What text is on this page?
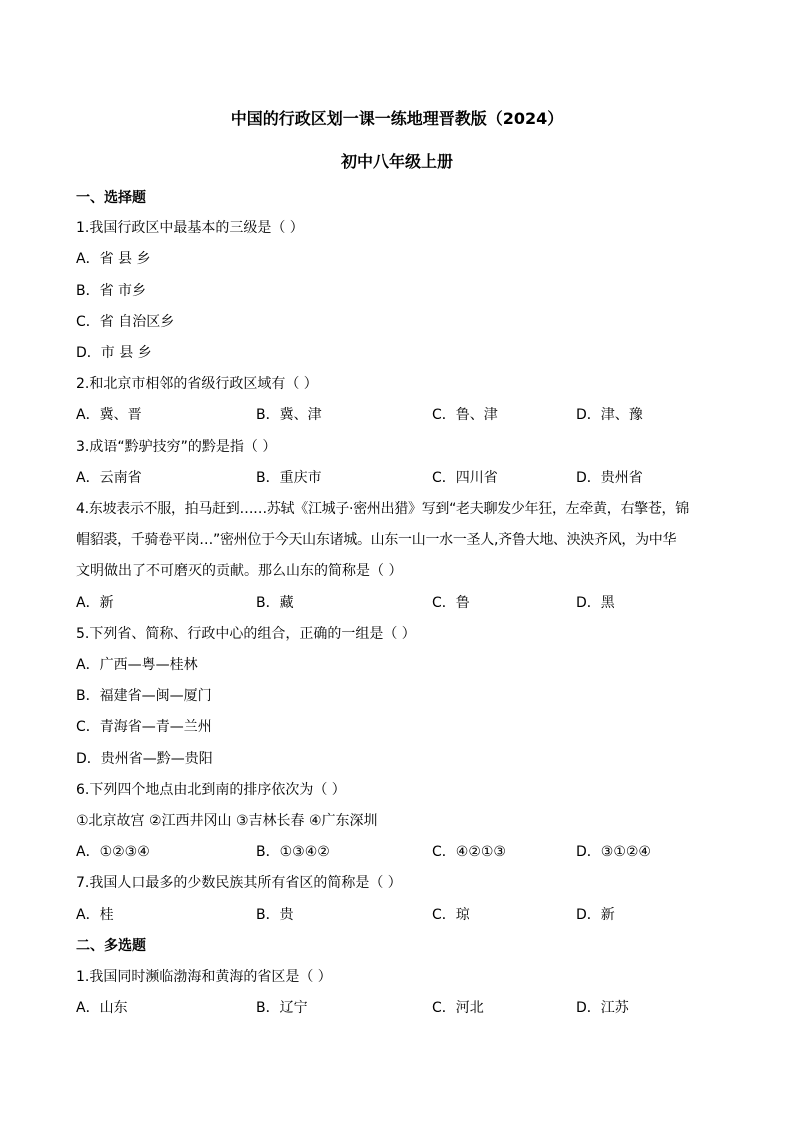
中国的行政区划一课一练地理晋教版（2024）
初中八年级上册
一、选择题
1.我国行政区中最基本的三级是（ ）
A．省 县 乡
B．省 市乡
C．省 自治区乡
D．市 县 乡
2.和北京市相邻的省级行政区域有（ ）
A．冀、晋	B．冀、津	C．鲁、津	D．津、豫
3.成语“黔驴技穷”的黔是指（ ）
A．云南省	B．重庆市	C．四川省	D．贵州省
4.东坡表示不服，拍马赶到……苏轼《江城子·密州出猎》写到“老夫聊发少年狂，左牵黄，右擎苍，锦
帽貂裘，千骑卷平岗…”密州位于今天山东诸城。山东一山一水一圣人,齐鲁大地、泱泱齐风，为中华
文明做出了不可磨灭的贡献。那么山东的简称是（ ）
A．新	B．藏	C．鲁	D．黑
5.下列省、简称、行政中心的组合，正确的一组是（ ）
A．广西—粤—桂林
B．福建省—闽—厦门
C．青海省—青—兰州
D．贵州省—黔—贵阳
6.下列四个地点由北到南的排序依次为（ ）
①北京故宫 ②江西井冈山 ③吉林长春 ④广东深圳
A．①②③④	B．①③④②	C．④②①③	D．③①②④
7.我国人口最多的少数民族其所有省区的简称是（ ）
A．桂	B．贵	C．琼	D．新
二、多选题
1.我国同时濒临渤海和黄海的省区是（ ）
A．山东	B．辽宁	C．河北	D．江苏
